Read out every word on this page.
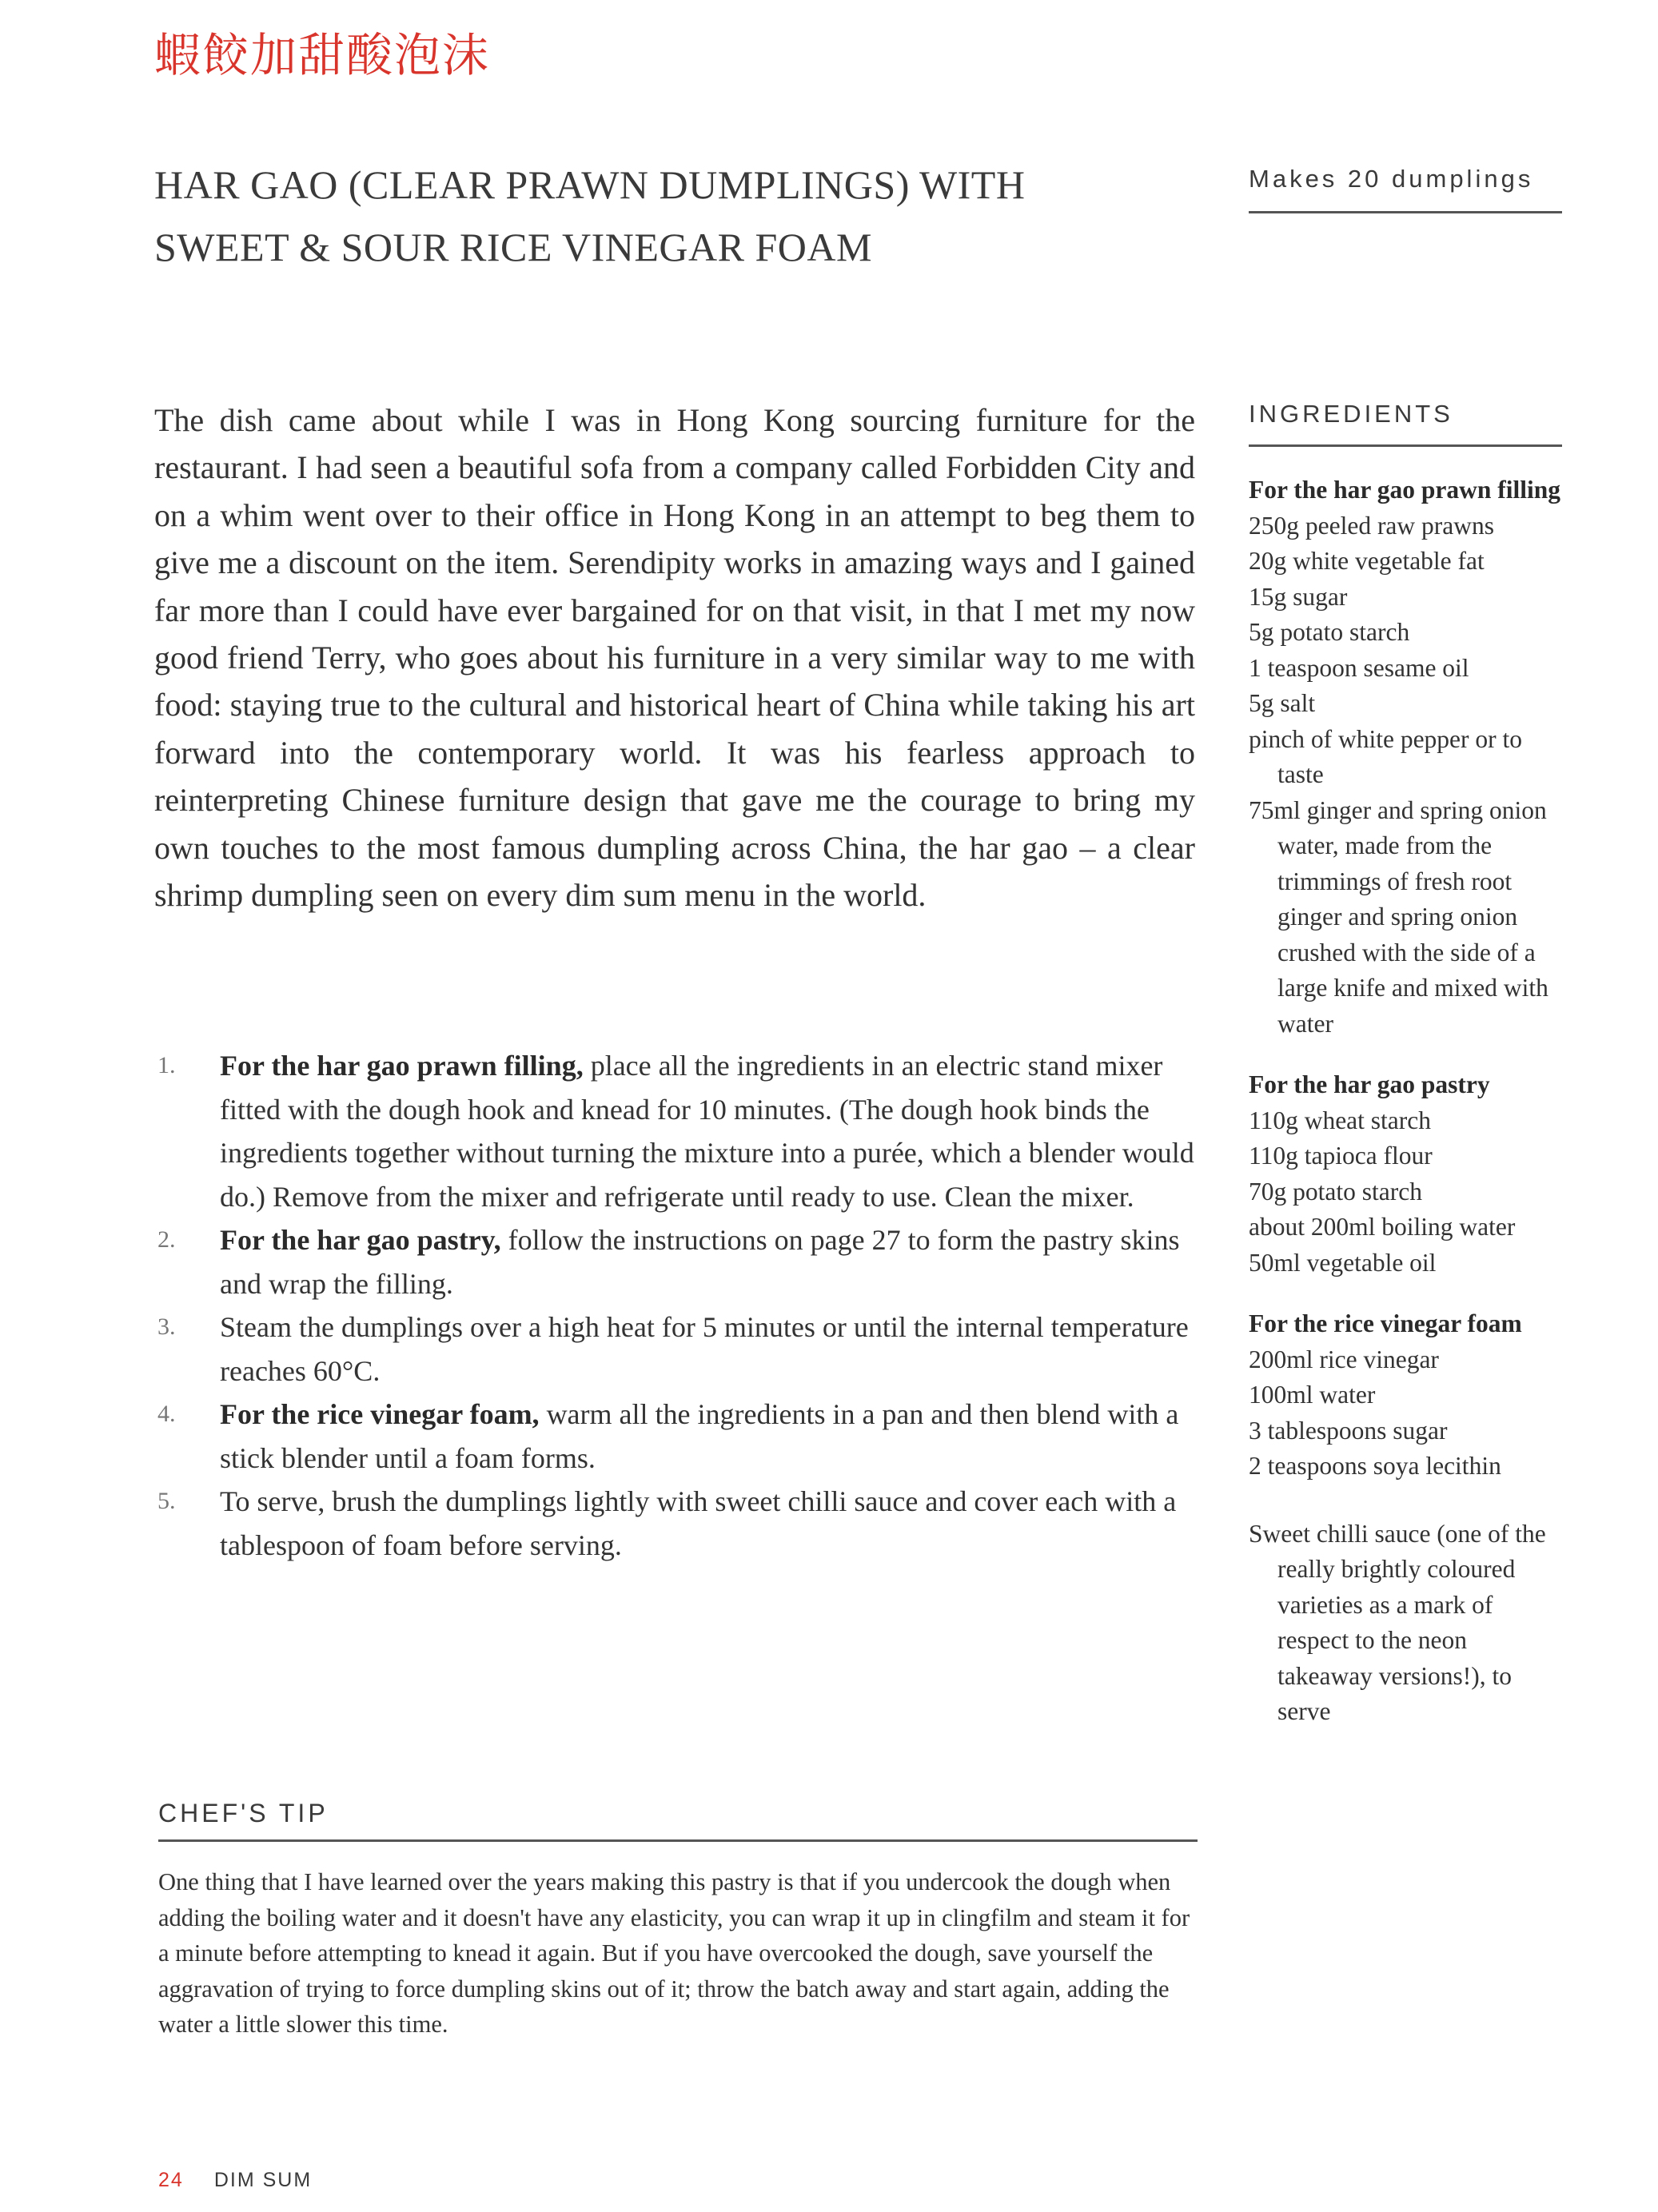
蝦餃加甜酸泡沫
HAR GAO (CLEAR PRAWN DUMPLINGS) WITH
SWEET & SOUR RICE VINEGAR FOAM
Makes 20 dumplings

The dish came about while I was in Hong Kong sourcing furniture for the restaurant. I had seen a beautiful sofa from a company called Forbidden City and on a whim went over to their office in Hong Kong in an attempt to beg them to give me a discount on the item. Serendipity works in amazing ways and I gained far more than I could have ever bargained for on that visit, in that I met my now good friend Terry, who goes about his furniture in a very similar way to me with food: staying true to the cultural and historical heart of China while taking his art forward into the contemporary world. It was his fearless approach to reinterpreting Chinese furniture design that gave me the courage to bring my own touches to the most famous dumpling across China, the har gao – a clear shrimp dumpling seen on every dim sum menu in the world.

1. For the har gao prawn filling, place all the ingredients in an electric stand mixer fitted with the dough hook and knead for 10 minutes. (The dough hook binds the ingredients together without turning the mixture into a purée, which a blender would do.) Remove from the mixer and refrigerate until ready to use. Clean the mixer.
2. For the har gao pastry, follow the instructions on page 27 to form the pastry skins and wrap the filling.
3. Steam the dumplings over a high heat for 5 minutes or until the internal temperature reaches 60°C.
4. For the rice vinegar foam, warm all the ingredients in a pan and then blend with a stick blender until a foam forms.
5. To serve, brush the dumplings lightly with sweet chilli sauce and cover each with a tablespoon of foam before serving.
CHEF'S TIP

One thing that I have learned over the years making this pastry is that if you undercook the dough when adding the boiling water and it doesn't have any elasticity, you can wrap it up in clingfilm and steam it for a minute before attempting to knead it again. But if you have overcooked the dough, save yourself the aggravation of trying to force dumpling skins out of it; throw the batch away and start again, adding the water a little slower this time.

INGREDIENTS
For the har gao prawn filling
250g peeled raw prawns
20g white vegetable fat
15g sugar
5g potato starch
1 teaspoon sesame oil
5g salt
pinch of white pepper or to taste
75ml ginger and spring onion water, made from the trimmings of fresh root ginger and spring onion crushed with the side of a large knife and mixed with water
For the har gao pastry
110g wheat starch
110g tapioca flour
70g potato starch
about 200ml boiling water
50ml vegetable oil
For the rice vinegar foam
200ml rice vinegar
100ml water
3 tablespoons sugar
2 teaspoons soya lecithin
Sweet chilli sauce (one of the really brightly coloured varieties as a mark of respect to the neon takeaway versions!), to serve
24 DIM SUM
